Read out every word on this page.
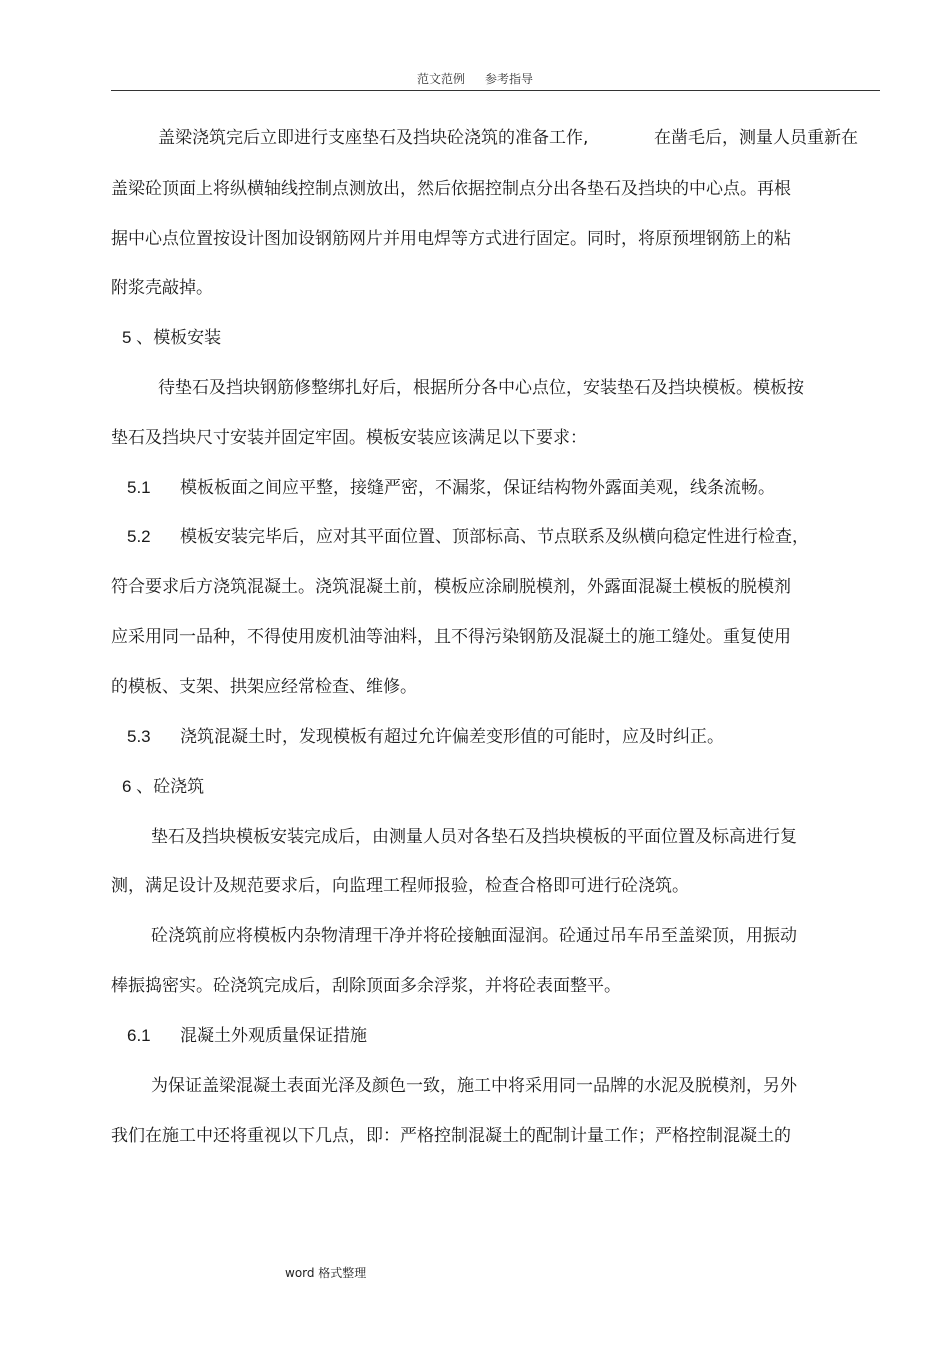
范文范例 参考指导
盖梁浇筑完后立即进行支座垫石及挡块砼浇筑的准备工作,	在凿毛后，测量人员重新在
盖梁砼顶面上将纵横轴线控制点测放出，然后依据控制点分出各垫石及挡块的中心点。再根
据中心点位置按设计图加设钢筋网片并用电焊等方式进行固定。同时，将原预埋钢筋上的粘
附浆壳敲掉。
5 、模板安装
待垫石及挡块钢筋修整绑扎好后，根据所分各中心点位，安装垫石及挡块模板。模板按
垫石及挡块尺寸安装并固定牢固。模板安装应该满足以下要求：
5.1 模板板面之间应平整，接缝严密，不漏浆，保证结构物外露面美观，线条流畅。
5.2 模板安装完毕后，应对其平面位置、顶部标高、节点联系及纵横向稳定性进行检查，
符合要求后方浇筑混凝土。浇筑混凝土前，模板应涂刷脱模剂，外露面混凝土模板的脱模剂
应采用同一品种，不得使用废机油等油料，且不得污染钢筋及混凝土的施工缝处。重复使用
的模板、支架、拱架应经常检查、维修。
5.3 浇筑混凝土时，发现模板有超过允许偏差变形值的可能时，应及时纠正。
6 、砼浇筑
垫石及挡块模板安装完成后，由测量人员对各垫石及挡块模板的平面位置及标高进行复
测，满足设计及规范要求后，向监理工程师报验，检查合格即可进行砼浇筑。
砼浇筑前应将模板内杂物清理干净并将砼接触面湿润。砼通过吊车吊至盖梁顶，用振动
棒振捣密实。砼浇筑完成后，刮除顶面多余浮浆，并将砼表面整平。
6.1 混凝土外观质量保证措施
为保证盖梁混凝土表面光泽及颜色一致，施工中将采用同一品牌的水泥及脱模剂，另外
我们在施工中还将重视以下几点，即：严格控制混凝土的配制计量工作；严格控制混凝土的
word 格式整理
